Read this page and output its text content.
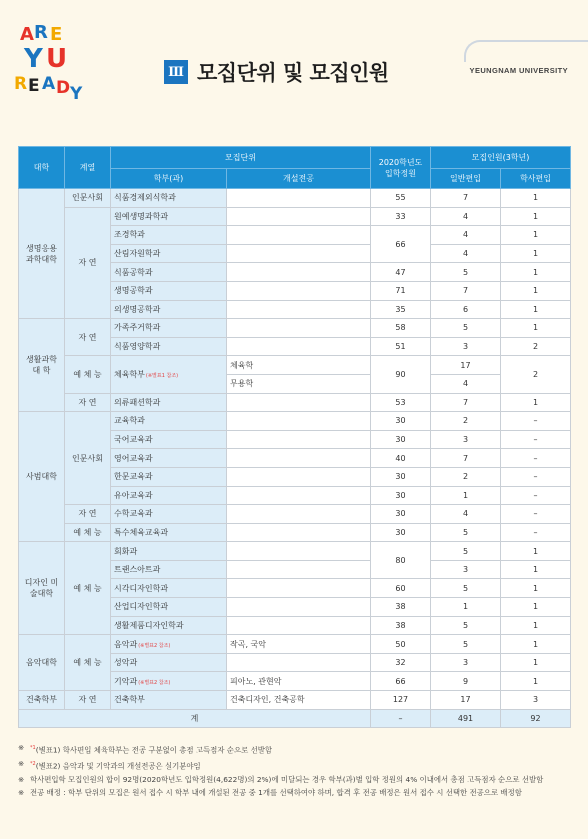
A R E
Y U
R E A D Y
Ⅲ 모집단위 및 모집인원	YEUNGNAM UNIVERSITY
대학	계열	모집단위		2020학년도 입학정원	모집인원(3학년)	
		학부(과)	개설전공		일반편입	학사편입
생명응용 과학대학	인문사회	식품경제외식학과		55	7	1
	자 연	원예생명과학과		33	4	1
		조경학과		66	4	1
		산림자원학과			4	1
		식품공학과		47	5	1
		생명공학과		71	7	1
		의생명공학과		35	6	1
생활과학 대 학	자 연	가족주거학과		58	5	1
		식품영양학과		51	3	2
	예 체 능	체육학부(※별표1 참조)	체육학	90	17	2
			무용학		4	
	자 연	의류패션학과		53	7	1
사범대학	인문사회	교육학과		30	2	–
		국어교육과		30	3	–
		영어교육과		40	7	–
		한문교육과		30	2	–
		유아교육과		30	1	–
	자 연	수학교육과		30	4	–
	예 체 능	특수체육교육과		30	5	–
디자인 미술대학	예 체 능	회화과		80	5	1
		트랜스아트과			3	1
		시각디자인학과		60	5	1
		산업디자인학과		38	1	1
		생활제품디자인학과		38	5	1
음악대학	예 체 능	음악과(※별표2 참조)	작곡, 국악	50	5	1
		성악과		32	3	1
		기악과(※별표2 참조)	피아노, 관현악	66	9	1
건축학부	자 연	건축학부	건축디자인, 건축공학	127	17	3
계				–	491	92
※	$^{*1}$(별표1) 학사편입 체육학부는 전공 구분없이 총점 고득점자 순으로 선발함
※	$^{*2}$(별표2) 음악과 및 기악과의 개설전공은 실기분야임
※ 학사편입학 모집인원의 합이 92명(2020학년도 입학정원(4,622명)의 2%)에 미달되는 경우 학부(과)별 입학 정원의 4% 이내에서 총점 고득점자 순으로 선발함
※ 전공 배정 : 학부 단위의 모집은 원서 접수 시 학부 내에 개설된 전공 중 1개를 선택하여야 하며, 합격 후 전공 배정은 원서 접수 시 선택한 전공으로 배정함
